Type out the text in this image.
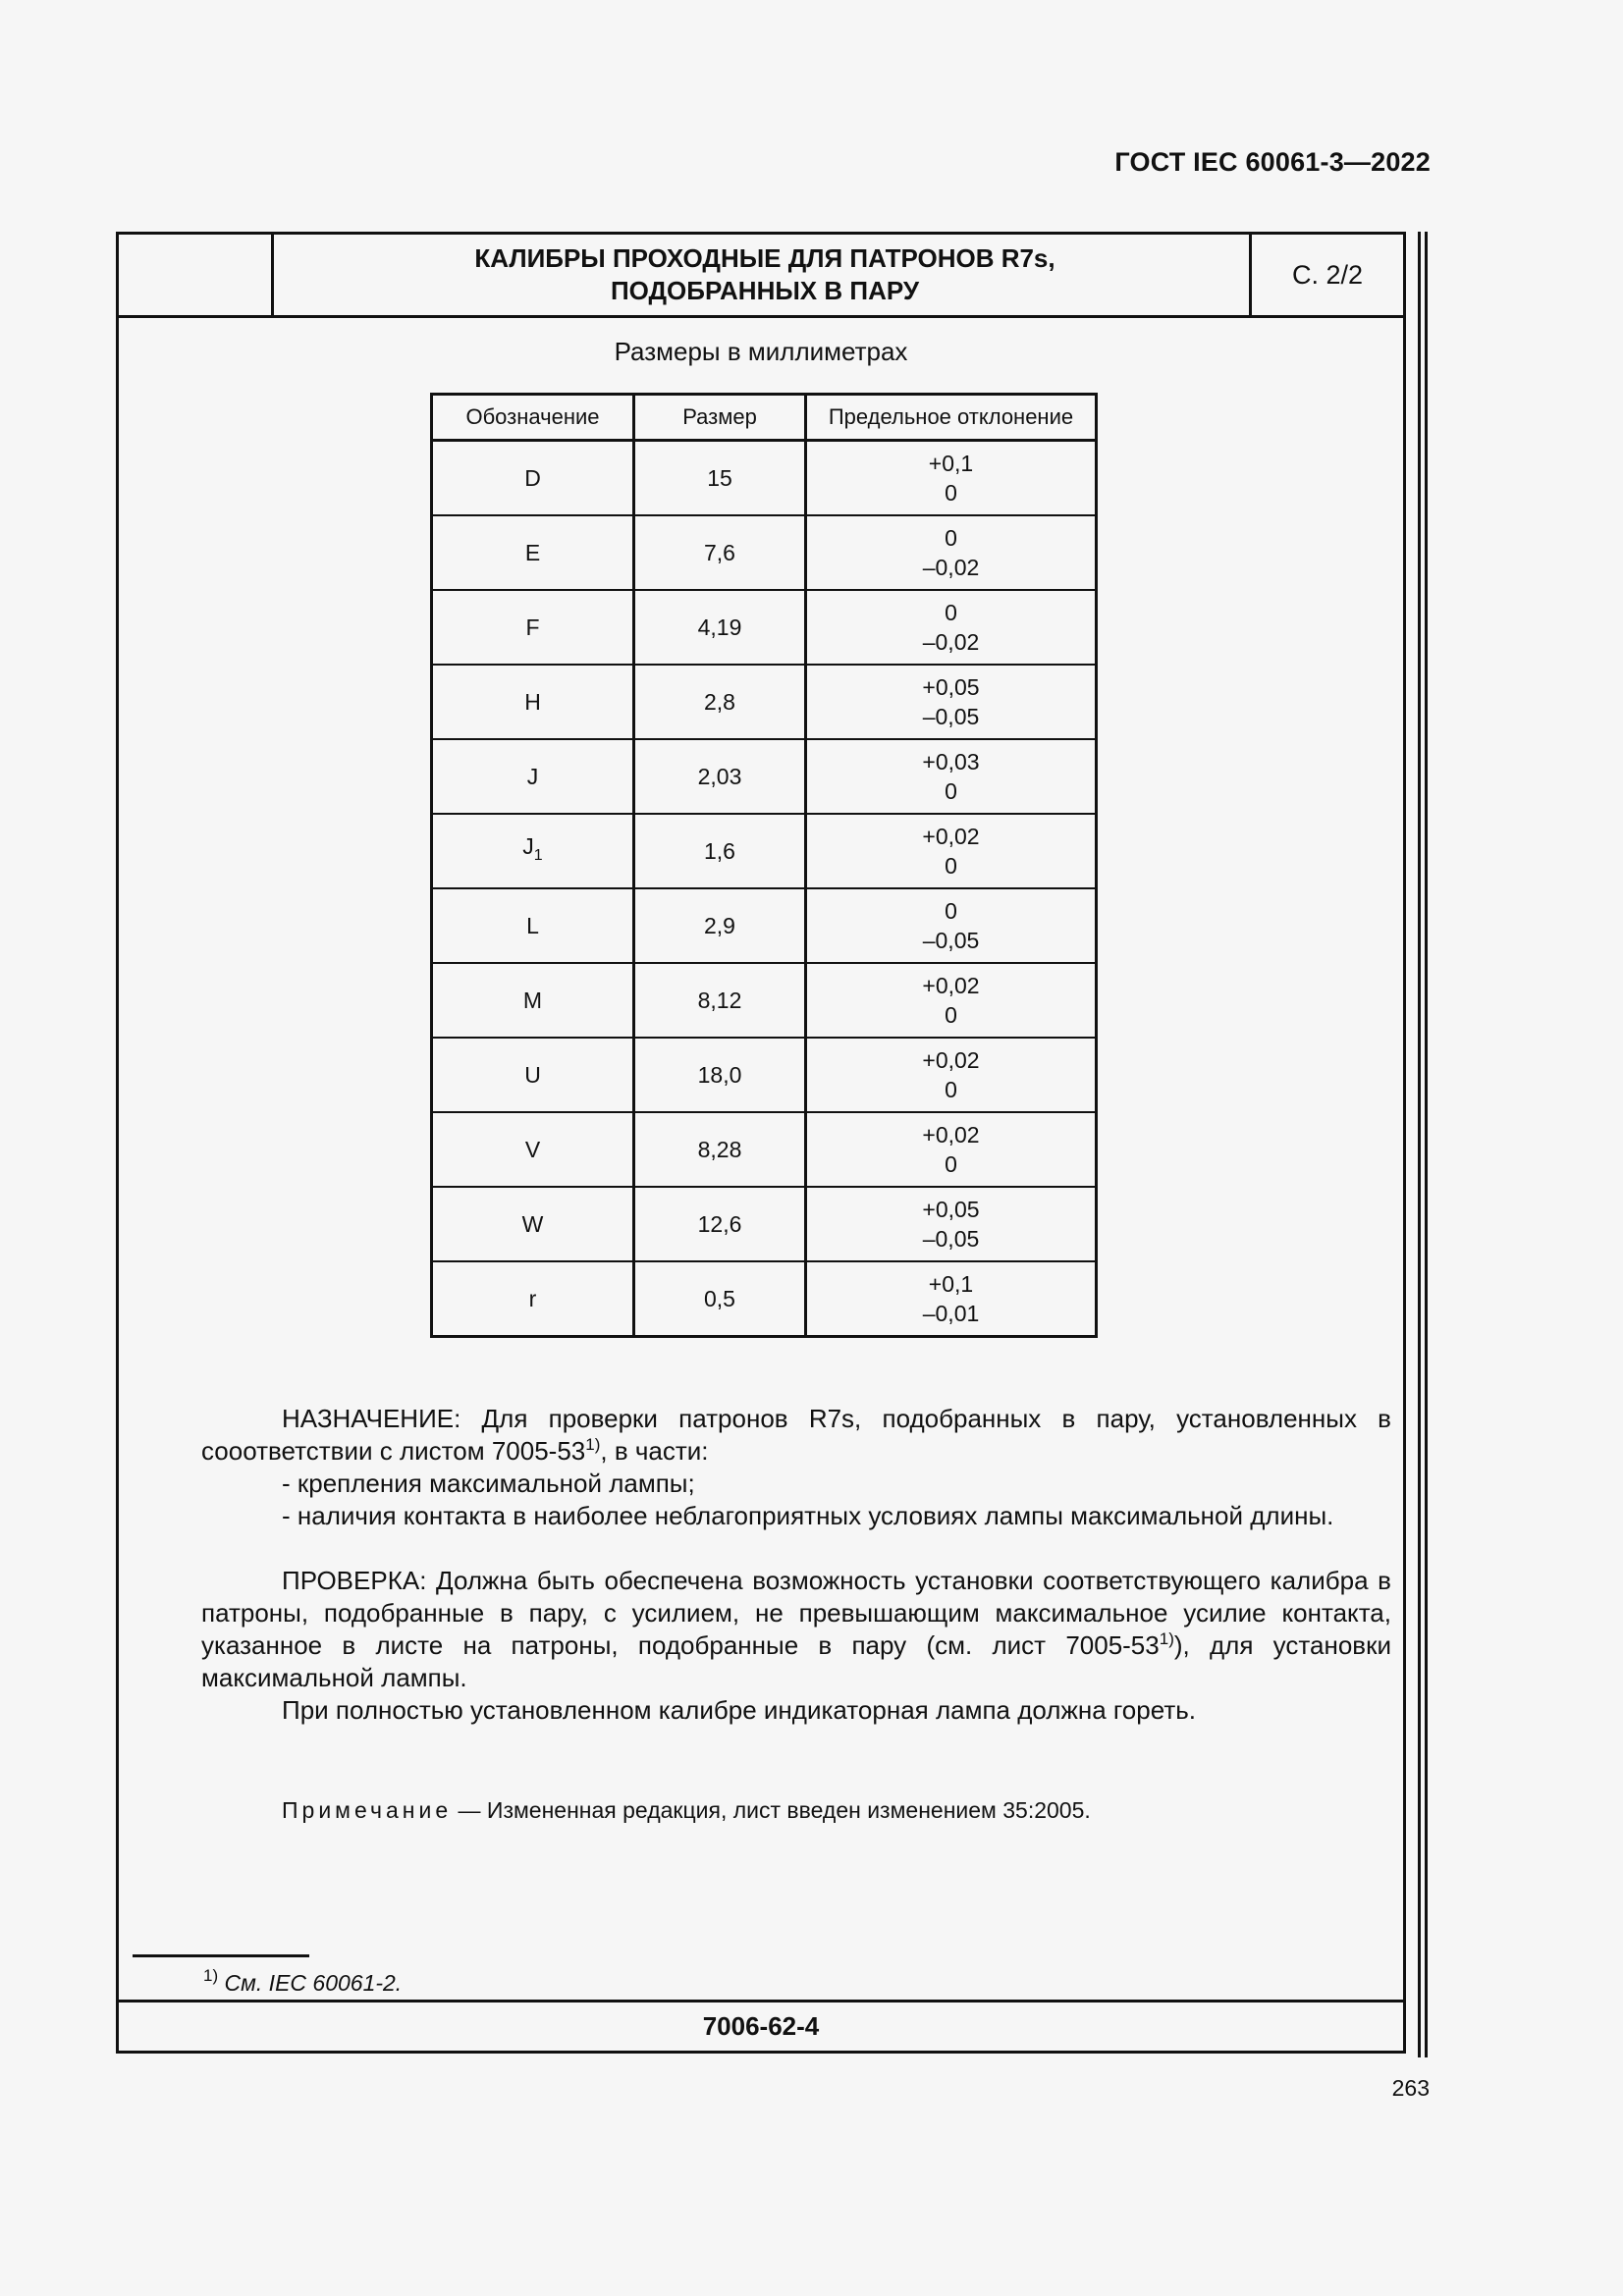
ГОСТ IEC 60061-3—2022
КАЛИБРЫ ПРОХОДНЫЕ ДЛЯ ПАТРОНОВ R7s,
ПОДОБРАННЫХ В ПАРУ
С. 2/2
Размеры в миллиметрах
Обозначение	Размер	Предельное отклонение
D	15	+0,1
0

E	7,6	0
–0,02

F	4,19	0
–0,02

H	2,8	+0,05
–0,05

J	2,03	+0,03
0

$J_1$	1,6	+0,02
0

L	2,9	0
–0,05

M	8,12	+0,02
0

U	18,0	+0,02
0

V	8,28	+0,02
0

W	12,6	+0,05
–0,05

r	0,5	+0,1
–0,01

НАЗНАЧЕНИЕ: Для проверки патронов R7s, подобранных в пару, установленных в сооответствии с листом 7005-53$^{1)}$, в части:

- крепления максимальной лампы;

- наличия контакта в наиболее неблагоприятных условиях лампы максимальной длины.

ПРОВЕРКА: Должна быть обеспечена возможность установки соответствующего калибра в патроны, подобранные в пару, с усилием, не превышающим максимальное усилие контакта, указанное в листе на патроны, подобранные в пару (см. лист 7005-53$^{1)}$), для установки максимальной лампы.

При полностью установленном калибре индикаторная лампа должна гореть.

Примечание — Измененная редакция, лист введен изменением 35:2005.
$^{1)}$ См. IEC 60061-2.
7006-62-4
263
